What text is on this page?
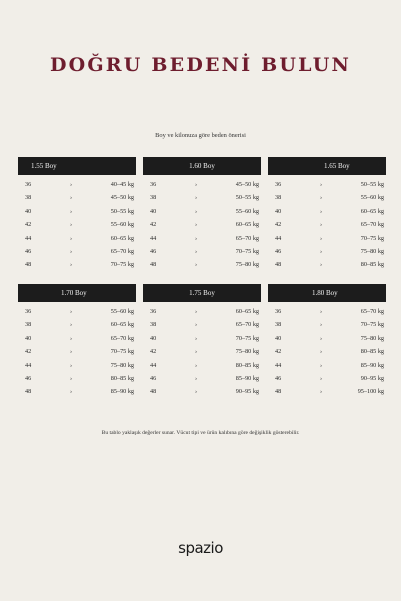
DOĞRU BEDENİ BULUN
Boy ve kilonuza göre beden önerisi
1.55 Boy
36	›	40–45 kg
38	›	45–50 kg
40	›	50–55 kg
42	›	55–60 kg
44	›	60–65 kg
46	›	65–70 kg
48	›	70–75 kg
1.60 Boy
36	›	45–50 kg
38	›	50–55 kg
40	›	55–60 kg
42	›	60–65 kg
44	›	65–70 kg
46	›	70–75 kg
48	›	75–80 kg
1.65 Boy
36	›	50–55 kg
38	›	55–60 kg
40	›	60–65 kg
42	›	65–70 kg
44	›	70–75 kg
46	›	75–80 kg
48	›	80–85 kg
1.70 Boy
36	›	55–60 kg
38	›	60–65 kg
40	›	65–70 kg
42	›	70–75 kg
44	›	75–80 kg
46	›	80–85 kg
48	›	85–90 kg
1.75 Boy
36	›	60–65 kg
38	›	65–70 kg
40	›	70–75 kg
42	›	75–80 kg
44	›	80–85 kg
46	›	85–90 kg
48	›	90–95 kg
1.80 Boy
36	›	65–70 kg
38	›	70–75 kg
40	›	75–80 kg
42	›	80–85 kg
44	›	85–90 kg
46	›	90–95 kg
48	›	95–100 kg
Bu tablo yaklaşık değerler sunar. Vücut tipi ve ürün kalıbına göre değişiklik gösterebilir.
spazio
